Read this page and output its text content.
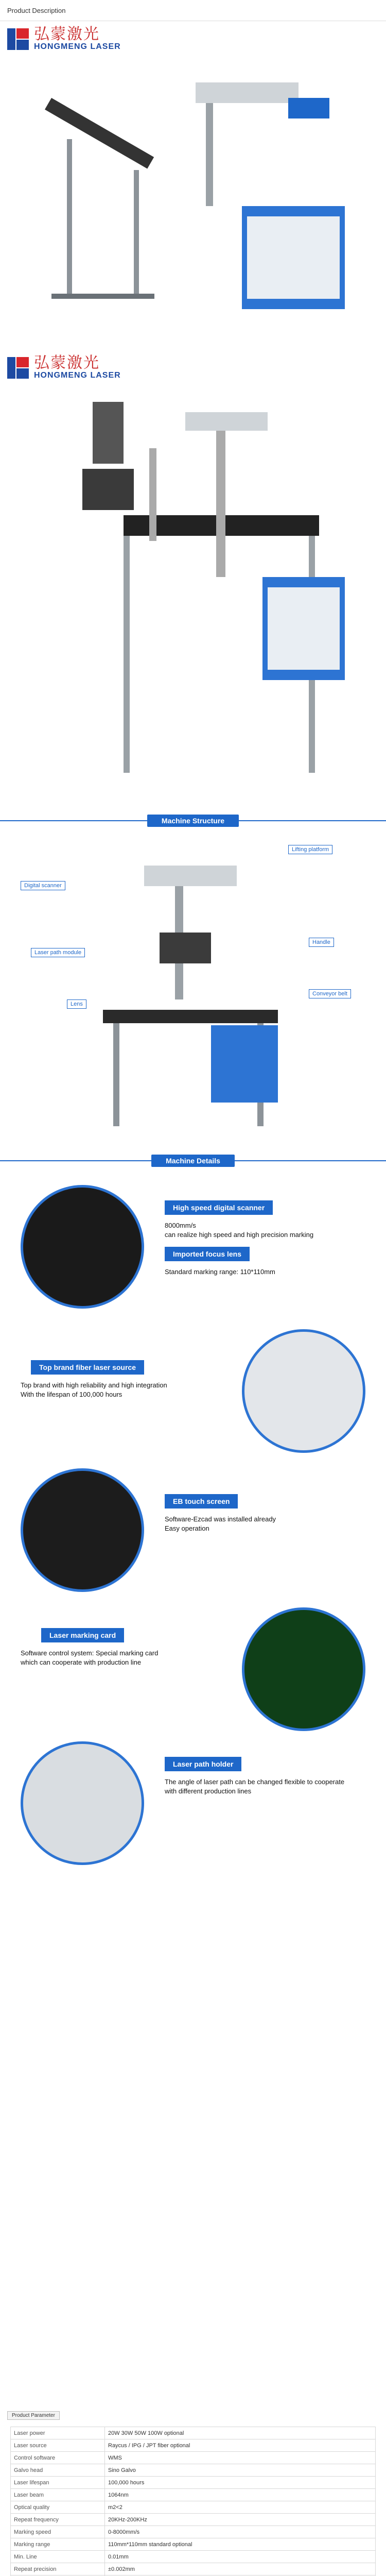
Product Description
弘蒙激光
HONGMENG LASER
弘蒙激光
HONGMENG LASER
Machine Structure
Lifting platform
Digital scanner
Laser path module
Handle
Lens
Conveyor belt
Machine Details
High speed digital scanner
8000mm/s
can realize high speed and high precision marking
Imported focus lens
Standard marking range: 110*110mm
Top brand fiber laser source
Top brand with high reliability and high integration
With the lifespan of 100,000 hours
EB touch screen
Software-Ezcad was installed already
Easy operation
Laser marking card
Software control system: Special marking card
which can cooperate with production line
Laser path holder
The angle of laser path can be changed flexible to cooperate with different production lines
Product Parameter
Laser power	20W 30W 50W 100W optional
Laser source	Raycus / IPG / JPT fiber optional
Control software	WMS
Galvo head	Sino Galvo
Laser lifespan	100,000 hours
Laser beam	1064nm
Optical quality	m2<2
Repeat frequency	20KHz-200KHz
Marking speed	0-8000mm/s
Marking range	110mm*110mm standard optional
Min. Line	0.01mm
Repeat precision	±0.002mm
